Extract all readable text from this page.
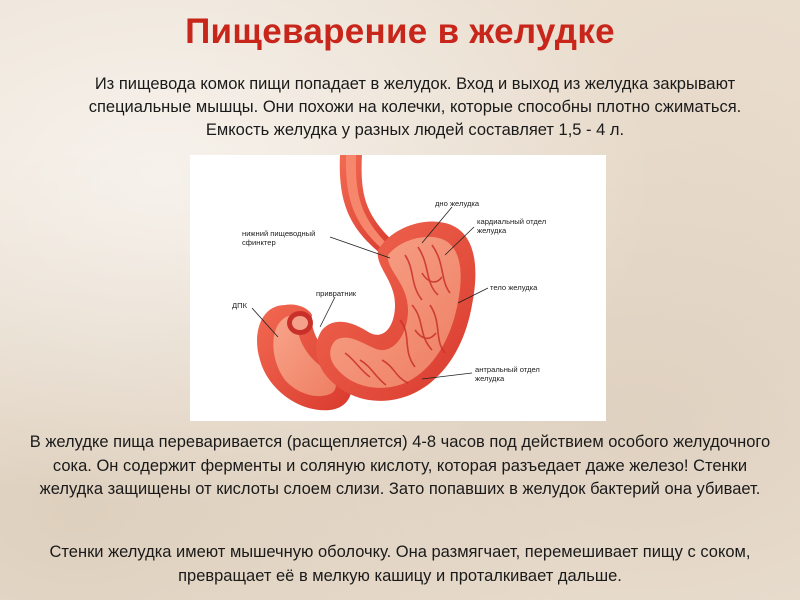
Пищеварение в желудке
Из пищевода комок пищи попадает в желудок. Вход и выход из желудка закрывают специальные мышцы. Они похожи на колечки, которые способны плотно сжиматься. Емкость желудка у разных людей составляет 1,5 - 4 л.
дно желудка
кардиальный отдел
желудка
нижний пищеводный
сфинктер
привратник
тело желудка
ДПК
антральный отдел
желудка
В желудке пища переваривается (расщепляется) 4-8 часов под действием особого желудочного сока. Он содержит ферменты и соляную кислоту, которая разъедает даже железо! Стенки желудка защищены от кислоты слоем слизи. Зато попавших в желудок бактерий она убивает.
Стенки желудка имеют мышечную оболочку. Она размягчает, перемешивает пищу с соком, превращает её в мелкую кашицу и проталкивает дальше.
